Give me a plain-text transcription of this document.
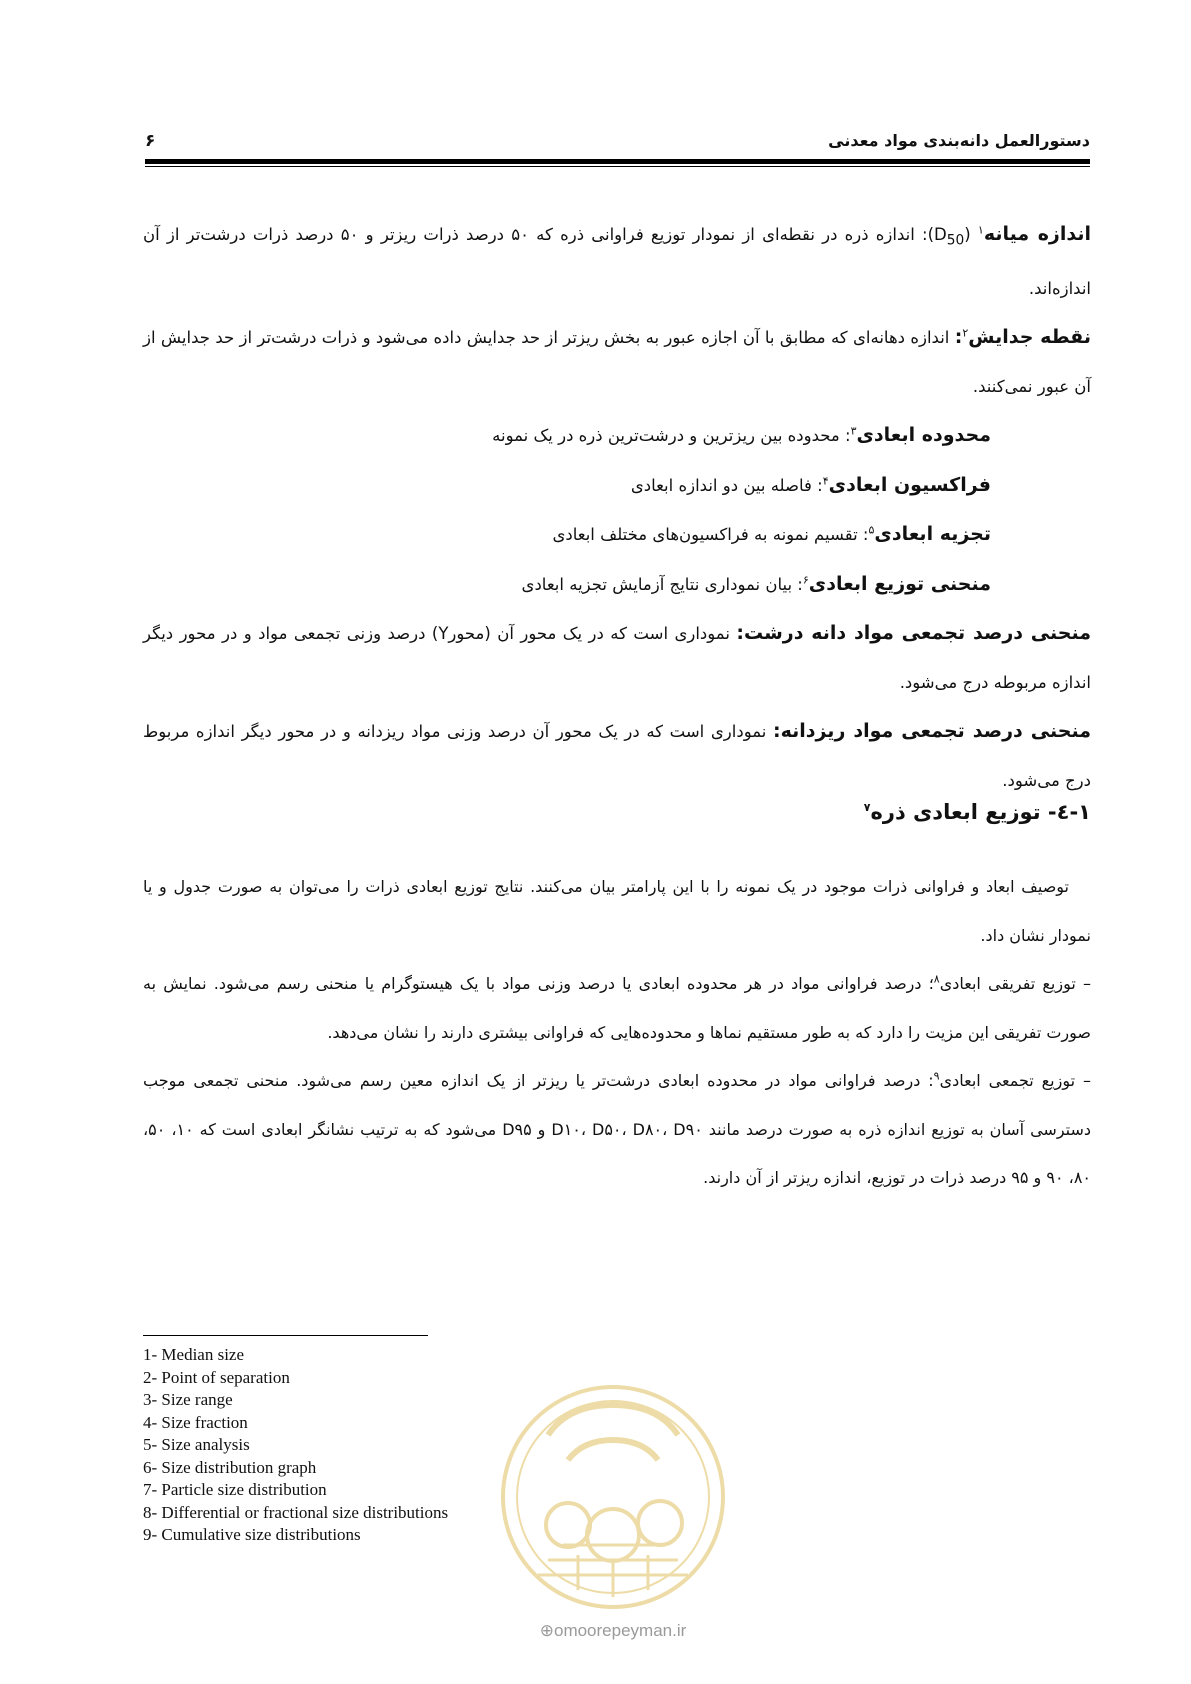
دستورالعمل دانه‌بندی مواد معدنی
۶

اندازه میانه$^۱$ $(D_{50})$: اندازه ذره در نقطه‌ای از نمودار توزیع فراوانی ذره که ۵۰ درصد ذرات ریزتر و ۵۰ درصد ذرات درشت‌تر از آن اندازه‌اند.

نقطه جدایش$^۲$: اندازه دهانه‌ای که مطابق با آن اجازه عبور به بخش ریزتر از حد جدایش داده می‌شود و ذرات درشت‌تر از حد جدایش از آن عبور نمی‌کنند.

محدوده ابعادی$^۳$: محدوده بین ریزترین و درشت‌ترین ذره در یک نمونه

فراکسیون ابعادی$^۴$: فاصله بین دو اندازه ابعادی

تجزیه ابعادی$^۵$: تقسیم نمونه به فراکسیون‌های مختلف ابعادی

منحنی توزیع ابعادی$^۶$: بیان نموداری نتایج آزمایش تجزیه ابعادی

منحنی درصد تجمعی مواد دانه درشت: نموداری است که در یک محور آن (محورY) درصد وزنی تجمعی مواد و در محور دیگر اندازه مربوطه درج می‌شود.

منحنی درصد تجمعی مواد ریزدانه: نموداری است که در یک محور آن درصد وزنی مواد ریزدانه و در محور دیگر اندازه مربوط درج می‌شود.

۱-٤- توزیع ابعادی ذره$^۷$

توصیف ابعاد و فراوانی ذرات موجود در یک نمونه را با این پارامتر بیان می‌کنند. نتایج توزیع ابعادی ذرات را می‌توان به صورت جدول و یا نمودار نشان داد.

– توزیع تفریقی ابعادی$^۸$؛ درصد فراوانی مواد در هر محدوده ابعادی یا درصد وزنی مواد با یک هیستوگرام یا منحنی رسم می‌شود. نمایش به صورت تفریقی این مزیت را دارد که به طور مستقیم نماها و محدوده‌هایی که فراوانی بیشتری دارند را نشان می‌دهد.

– توزیع تجمعی ابعادی$^۹$: درصد فراوانی مواد در محدوده ابعادی درشت‌تر یا ریزتر از یک اندازه معین رسم می‌شود. منحنی تجمعی موجب دسترسی آسان به توزیع اندازه ذره به صورت درصد مانند D۱۰، D۵۰، D۸۰، D۹۰ و D۹۵ می‌شود که به ترتیب نشانگر ابعادی است که ۱۰، ۵۰، ۸۰، ۹۰ و ۹۵ درصد ذرات در توزیع، اندازه ریزتر از آن دارند.

1- Median size
2- Point of separation
3- Size range
4- Size fraction
5- Size analysis
6- Size distribution graph
7- Particle size distribution
8- Differential or fractional size distributions
9- Cumulative size distributions
⊕omoorepeyman.ir
